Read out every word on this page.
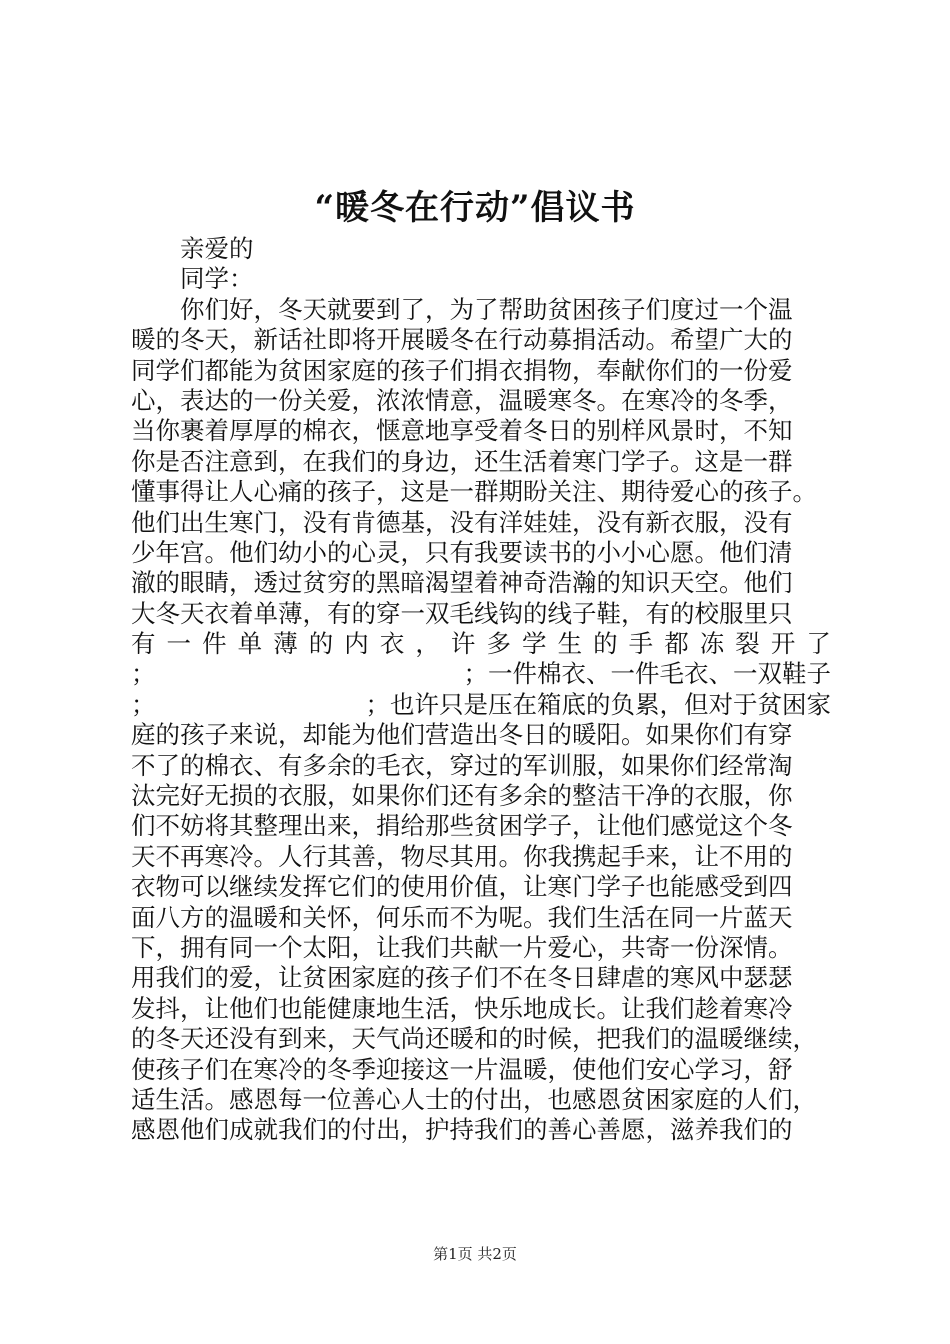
“暖冬在行动”倡议书
亲爱的
同学：
你们好，冬天就要到了，为了帮助贫困孩子们度过一个温
暖的冬天，新话社即将开展暖冬在行动募捐活动。希望广大的
同学们都能为贫困家庭的孩子们捐衣捐物，奉献你们的一份爱
心，表达的一份关爱，浓浓情意，温暖寒冬。在寒冷的冬季，
当你裹着厚厚的棉衣，惬意地享受着冬日的别样风景时，不知
你是否注意到，在我们的身边，还生活着寒门学子。这是一群
懂事得让人心痛的孩子，这是一群期盼关注、期待爱心的孩子。
他们出生寒门，没有肯德基，没有洋娃娃，没有新衣服，没有
少年宫。他们幼小的心灵，只有我要读书的小小心愿。他们清
澈的眼睛，透过贫穷的黑暗渴望着神奇浩瀚的知识天空。他们
大冬天衣着单薄，有的穿一双毛线钩的线子鞋，有的校服里只
有 一 件 单 薄 的 内 衣 ， 许 多 学 生 的 手 都 冻 裂 开 了
；	；一件棉衣、一件毛衣、一双鞋子
；	；也许只是压在箱底的负累，但对于贫困家
庭的孩子来说，却能为他们营造出冬日的暖阳。如果你们有穿
不了的棉衣、有多余的毛衣，穿过的军训服，如果你们经常淘
汰完好无损的衣服，如果你们还有多余的整洁干净的衣服，你
们不妨将其整理出来，捐给那些贫困学子，让他们感觉这个冬
天不再寒冷。人行其善，物尽其用。你我携起手来，让不用的
衣物可以继续发挥它们的使用价值，让寒门学子也能感受到四
面八方的温暖和关怀，何乐而不为呢。我们生活在同一片蓝天
下，拥有同一个太阳，让我们共献一片爱心，共寄一份深情。
用我们的爱，让贫困家庭的孩子们不在冬日肆虐的寒风中瑟瑟
发抖，让他们也能健康地生活，快乐地成长。让我们趁着寒冷
的冬天还没有到来，天气尚还暖和的时候，把我们的温暖继续，
使孩子们在寒冷的冬季迎接这一片温暖，使他们安心学习，舒
适生活。感恩每一位善心人士的付出，也感恩贫困家庭的人们，
感恩他们成就我们的付出，护持我们的善心善愿，滋养我们的
第1页 共2页
